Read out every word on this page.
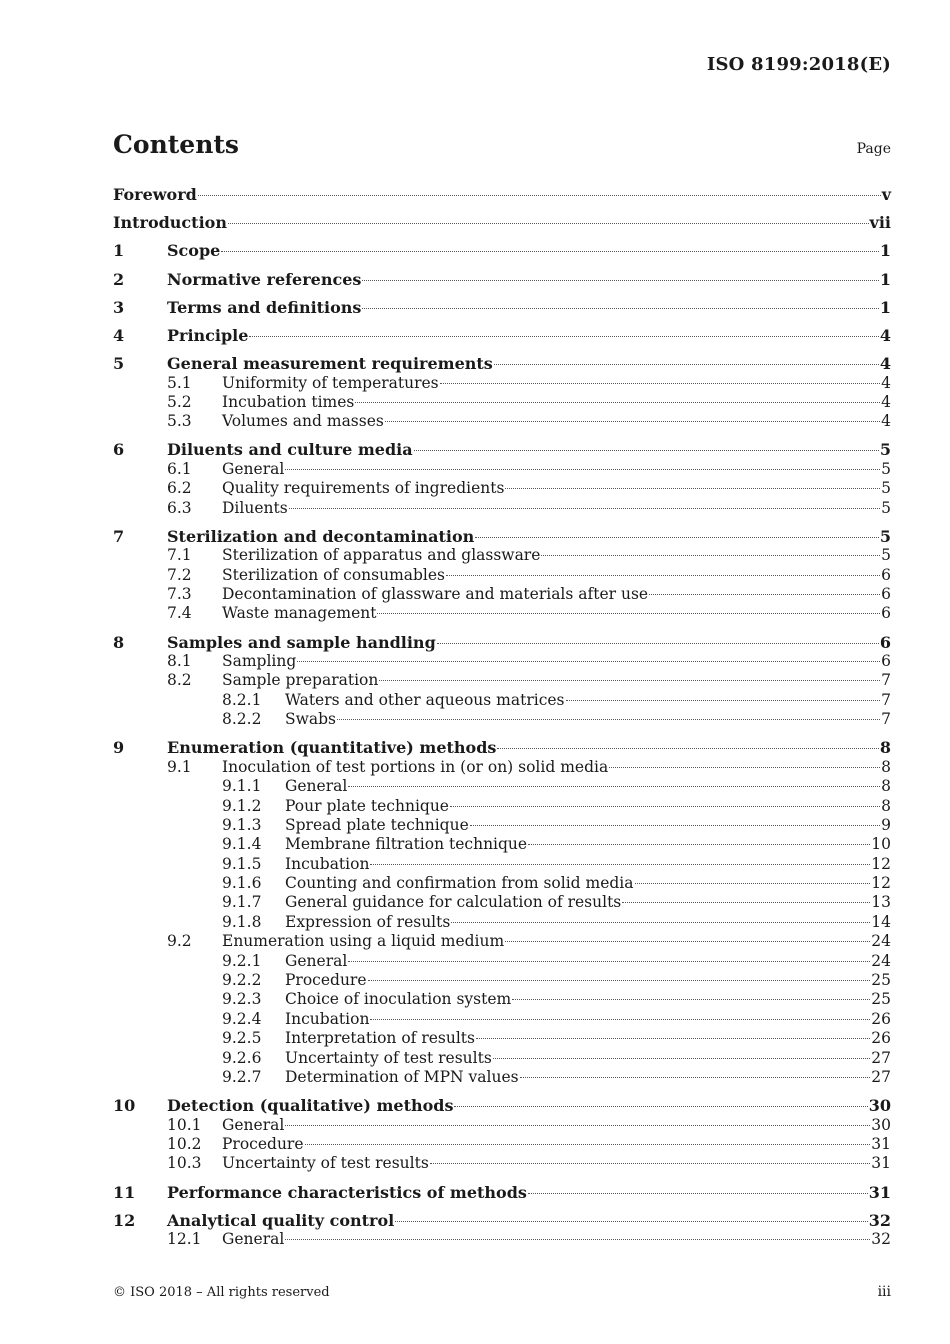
ISO 8199:2018(E)
Contents	Page
Foreword	v
Introduction	vii
1	Scope	1
2	Normative references	1
3	Terms and definitions	1
4	Principle	4
5	General measurement requirements	4
5.1 Uniformity of temperatures	4
5.2 Incubation times	4
5.3 Volumes and masses	4
6	Diluents and culture media	5
6.1 General	5
6.2 Quality requirements of ingredients	5
6.3 Diluents	5
7	Sterilization and decontamination	5
7.1 Sterilization of apparatus and glassware	5
7.2 Sterilization of consumables	6
7.3 Decontamination of glassware and materials after use	6
7.4 Waste management	6
8	Samples and sample handling	6
8.1 Sampling	6
8.2 Sample preparation	7
8.2.1 Waters and other aqueous matrices	7
8.2.2 Swabs	7
9	Enumeration (quantitative) methods	8
9.1 Inoculation of test portions in (or on) solid media	8
9.1.1 General	8
9.1.2 Pour plate technique	8
9.1.3 Spread plate technique	9
9.1.4 Membrane filtration technique	10
9.1.5 Incubation	12
9.1.6 Counting and confirmation from solid media	12
9.1.7 General guidance for calculation of results	13
9.1.8 Expression of results	14
9.2 Enumeration using a liquid medium	24
9.2.1 General	24
9.2.2 Procedure	25
9.2.3 Choice of inoculation system	25
9.2.4 Incubation	26
9.2.5 Interpretation of results	26
9.2.6 Uncertainty of test results	27
9.2.7 Determination of MPN values	27
10 Detection (qualitative) methods	30
10.1 General	30
10.2 Procedure	31
10.3 Uncertainty of test results	31
11 Performance characteristics of methods	31
12 Analytical quality control	32
12.1 General	32
© ISO 2018 – All rights reserved	iii
